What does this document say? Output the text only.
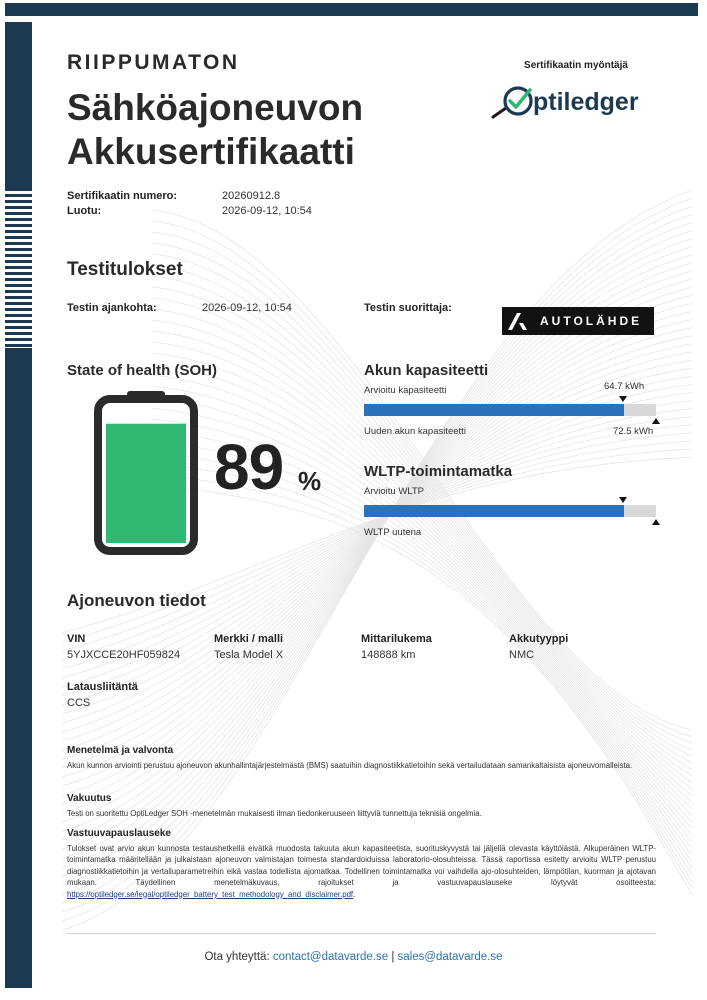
RIIPPUMATON
Sähköajoneuvon Akkusertifikaatti
Sertifikaatin myöntäjä
ptiledger
Sertifikaatin numero:	20260912.8
Luotu:	2026-09-12, 10:54
Testitulokset
Testin ajankohta:	2026-09-12, 10:54	Testin suorittaja:
AUTOLÄHDE
State of health (SOH)
89 %
Akun kapasiteetti
Arvioitu kapasiteetti	64.7 kWh
Uuden akun kapasiteetti	72.5 kWh
WLTP-toimintamatka
Arvioitu WLTP
WLTP uutena
Ajoneuvon tiedot
VIN
5YJXCCE20HF059824
Merkki / malli
Tesla Model X
Mittarilukema
148888 km
Akkutyyppi
NMC
Latausliitäntä
CCS
Menetelmä ja valvonta
Akun kunnon arviointi perustuu ajoneuvon akunhallintajärjestelmästä (BMS) saatuihin diagnostiikkatietoihin sekä vertailudataan samankaltaisista ajoneuvomalleista.
Vakuutus
Testi on suoritettu OptiLedger SOH -menetelmän mukaisesti ilman tiedonkeruuseen liittyviä tunnettuja teknisiä ongelmia.
Vastuuvapauslauseke
Tulokset ovat arvio akun kunnosta testaushetkellä eivätkä muodosta takuuta akun kapasiteetista, suorituskyvystä tai jäljellä olevasta käyttöiästä. Alkuperäinen WLTP-toimintamatka määritellään ja julkaistaan ajoneuvon valmistajan toimesta standardoiduissa laboratorio-olosuhteissa. Tässä raportissa esitetty arvioitu WLTP perustuu diagnostiikkatietoihin ja vertailuparametreihin eikä vastaa todellista ajomatkaa. Todellinen toimintamatka voi vaihdella ajo-olosuhteiden, lämpötilan, kuorman ja ajotavan mukaan. Täydellinen menetelmäkuvaus, rajoitukset ja vastuuvapauslauseke löytyvät osoitteesta: https://optiledger.se/legal/optiledger_battery_test_methodology_and_disclaimer.pdf.
Ota yhteyttä: contact@datavarde.se | sales@datavarde.se
